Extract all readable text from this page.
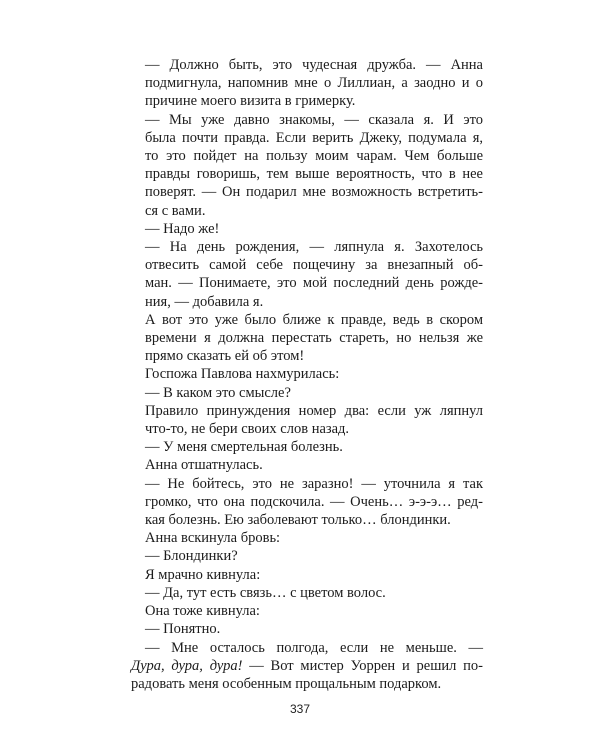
— Должно быть, это чудесная дружба. — Анна
подмигнула, напомнив мне о Лиллиан, а заодно и о
причине моего визита в гримерку.

— Мы уже давно знакомы, — сказала я. И это
была почти правда. Если верить Джеку, подумала я,
то это пойдет на пользу моим чарам. Чем больше
правды говоришь, тем выше вероятность, что в нее
поверят. — Он подарил мне возможность встретить-
ся с вами.

— Надо же!

— На день рождения, — ляпнула я. Захотелось
отвесить самой себе пощечину за внезапный об-
ман. — Понимаете, это мой последний день рожде-
ния, — добавила я.

А вот это уже было ближе к правде, ведь в скором
времени я должна перестать стареть, но нельзя же
прямо сказать ей об этом!

Госпожа Павлова нахмурилась:

— В каком это смысле?

Правило принуждения номер два: если уж ляпнул
что-то, не бери своих слов назад.

— У меня смертельная болезнь.

Анна отшатнулась.

— Не бойтесь, это не заразно! — уточнила я так
громко, что она подскочила. — Очень… э-э-э… ред-
кая болезнь. Ею заболевают только… блондинки.

Анна вскинула бровь:

— Блондинки?

Я мрачно кивнула:

— Да, тут есть связь… с цветом волос.

Она тоже кивнула:

— Понятно.

— Мне осталось полгода, если не меньше. —

Дура, дура, дура! — Вот мистер Уоррен и решил по-
радовать меня особенным прощальным подарком.

337
